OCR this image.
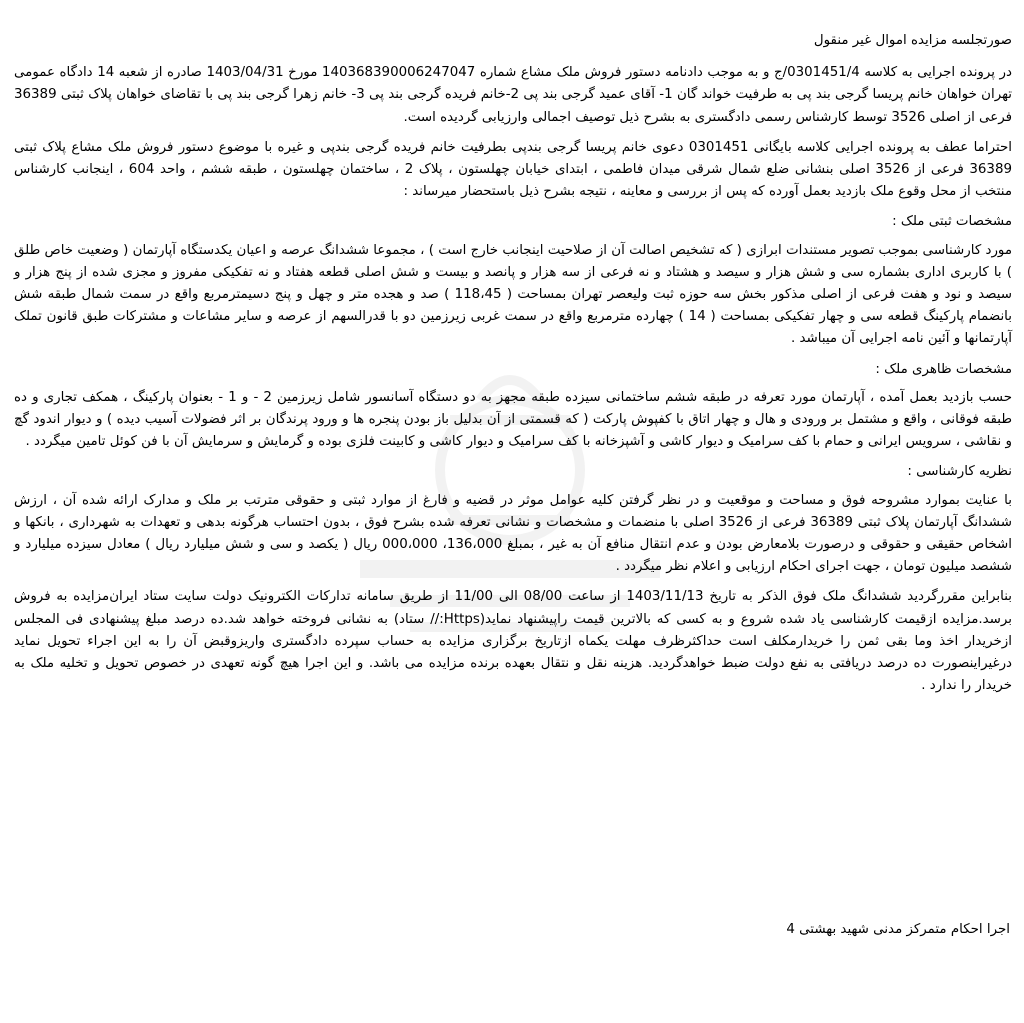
صورتجلسه مزایده اموال غیر منقول

در پرونده اجرایی به کلاسه 0301451/4/ج و به موجب دادنامه دستور فروش ملک مشاع شماره 140368390006247047 مورخ 1403/04/31 صادره از شعبه 14 دادگاه عمومی تهران خواهان خانم پریسا گرجی بند پی به طرفیت خواند گان 1- آقای عمید گرجی بند پی 2-خانم فریده گرجی بند پی 3- خانم زهرا گرجی بند پی با تقاضای خواهان پلاک ثبتی 36389 فرعی از اصلی 3526 توسط کارشناس رسمی دادگستری به بشرح ذیل توصیف اجمالی وارزیابی گردیده است.

احتراما عطف به پرونده اجرایی کلاسه بایگانی 0301451 دعوی خانم پریسا گرجی بندپی بطرفیت خانم فریده گرجی بندپی و غیره با موضوع دستور فروش ملک مشاع پلاک ثبتی 36389 فرعی از 3526 اصلی بنشانی ضلع شمال شرقی میدان فاطمی ، ابتدای خیابان چهلستون ، پلاک 2 ، ساختمان چهلستون ، طبقه ششم ، واحد 604 ، اینجانب کارشناس منتخب از محل وقوع ملک بازدید بعمل آورده که پس از بررسی و معاینه ، نتیجه بشرح ذیل باستحضار میرساند :

مشخصات ثبتی ملک :

مورد کارشناسی بموجب تصویر مستندات ابرازی ( که تشخیص اصالت آن از صلاحیت اینجانب خارج است ) ، مجموعا ششدانگ عرصه و اعیان یکدستگاه آپارتمان ( وضعیت خاص طلق ) با کاربری اداری بشماره سی و شش هزار و سیصد و هشتاد و نه فرعی از سه هزار و پانصد و بیست و شش اصلی قطعه هفتاد و نه تفکیکی مفروز و مجزی شده از پنج هزار و سیصد و نود و هفت فرعی از اصلی مذکور بخش سه حوزه ثبت ولیعصر تهران بمساحت ( 118،45 ) صد و هجده متر و چهل و پنج دسیمترمربع واقع در سمت شمال طبقه شش بانضمام پارکینگ قطعه سی و چهار تفکیکی بمساحت ( 14 ) چهارده مترمربع واقع در سمت غربی زیرزمین دو با قدرالسهم از عرصه و سایر مشاعات و مشترکات طبق قانون تملک آپارتمانها و آئین نامه اجرایی آن میباشد .

مشخصات ظاهری ملک :

حسب بازدید بعمل آمده ، آپارتمان مورد تعرفه در طبقه ششم ساختمانی سیزده طبقه مجهز به دو دستگاه آسانسور شامل زیرزمین 2 - و 1 - بعنوان پارکینگ ، همکف تجاری و ده طبقه فوقانی ، واقع و مشتمل بر ورودی و هال و چهار اتاق با کفپوش پارکت ( که قسمتی از آن بدلیل باز بودن پنجره ها و ورود پرندگان بر اثر فضولات آسیب دیده ) و دیوار اندود گچ و نقاشی ، سرویس ایرانی و حمام با کف سرامیک و دیوار کاشی و آشپزخانه با کف سرامیک و دیوار کاشی و کابینت فلزی بوده و گرمایش و سرمایش آن با فن کوئل تامین میگردد .

نظریه کارشناسی :

با عنایت بموارد مشروحه فوق و مساحت و موقعیت و در نظر گرفتن کلیه عوامل موثر در قضیه و فارغ از موارد ثبتی و حقوقی مترتب بر ملک و مدارک ارائه شده آن ، ارزش ششدانگ آپارتمان پلاک ثبتی 36389 فرعی از 3526 اصلی با منضمات و مشخصات و نشانی تعرفه شده بشرح فوق ، بدون احتساب هرگونه بدهی و تعهدات به شهرداری ، بانکها و اشخاص حقیقی و حقوقی و درصورت بلامعارض بودن و عدم انتقال منافع آن به غیر ، بمبلغ 136،000، 000،000 ریال ( یکصد و سی و شش میلیارد ریال ) معادل سیزده میلیارد و ششصد میلیون تومان ، جهت اجرای احکام ارزیابی و اعلام نظر میگردد .

بنابراین مقررگردید ششدانگ ملک فوق الذکر به تاریخ 1403/11/13 از ساعت 08/00 الی 11/00 از طریق سامانه تدارکات الکترونیک دولت سایت ستاد ایران‌مزایده به فروش برسد.مزایده ازقیمت کارشناسی یاد شده شروع و به کسی که بالاترین قیمت راپیشنهاد نماید(Https:// ستاد) به نشانی فروخته خواهد شد.ده درصد مبلغ پیشنهادی فی المجلس ازخریدار اخذ وما بقی ثمن را خریدارمکلف است حداکثرظرف مهلت یکماه ازتاریخ برگزاری مزایده به حساب سپرده دادگستری واریزوقبض آن را به این اجراء تحویل نماید درغیراینصورت ده درصد دریافتی به نفع دولت ضبط خواهدگردید. هزینه نقل و نتقال بعهده برنده مزایده می باشد. و این اجرا هیچ گونه تعهدی در خصوص تحویل و تخلیه ملک به خریدار را ندارد .

اجرا احکام متمرکز مدنی شهید بهشتی 4
